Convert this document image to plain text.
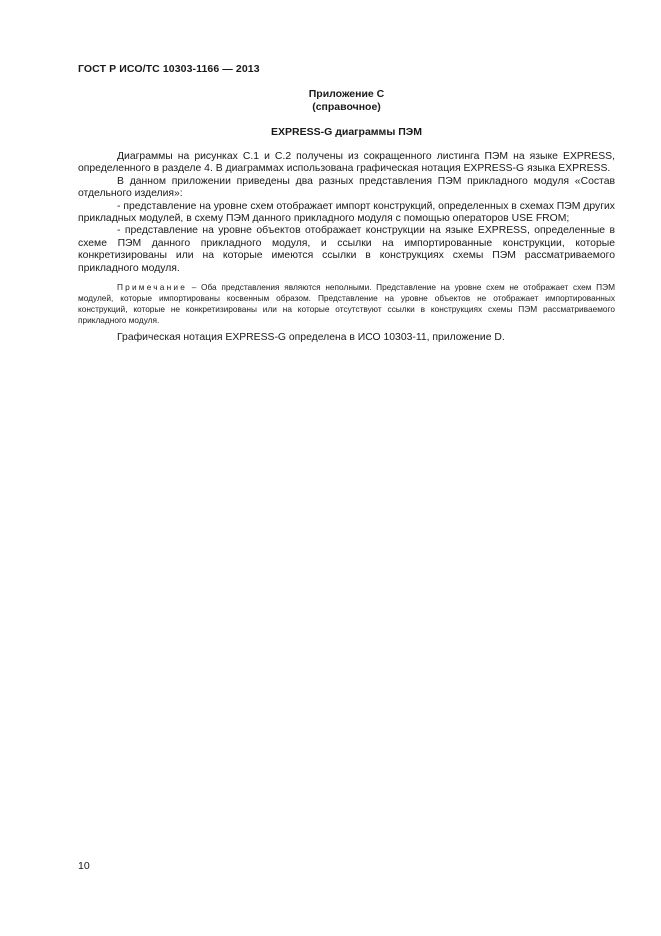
ГОСТ Р ИСО/ТС 10303-1166 — 2013
Приложение С
(справочное)
EXPRESS-G диаграммы ПЭМ

Диаграммы на рисунках С.1 и С.2 получены из сокращенного листинга ПЭМ на языке EXPRESS, определенного в разделе 4. В диаграммах использована графическая нотация EXPRESS-G языка EXPRESS.

В данном приложении приведены два разных представления ПЭМ прикладного модуля «Состав отдельного изделия»:

- представление на уровне схем отображает импорт конструкций, определенных в схемах ПЭМ других прикладных модулей, в схему ПЭМ данного прикладного модуля с помощью операторов USE FROM;

- представление на уровне объектов отображает конструкции на языке EXPRESS, определенные в схеме ПЭМ данного прикладного модуля, и ссылки на импортированные конструкции, которые конкретизированы или на которые имеются ссылки в конструкциях схемы ПЭМ рассматриваемого прикладного модуля.

Примечание – Оба представления являются неполными. Представление на уровне схем не отображает схем ПЭМ модулей, которые импортированы косвенным образом. Представление на уровне объектов не отображает импортированных конструкций, которые не конкретизированы или на которые отсутствуют ссылки в конструкциях схемы ПЭМ рассматриваемого прикладного модуля.

Графическая нотация EXPRESS-G определена в ИСО 10303-11, приложение D.

10
